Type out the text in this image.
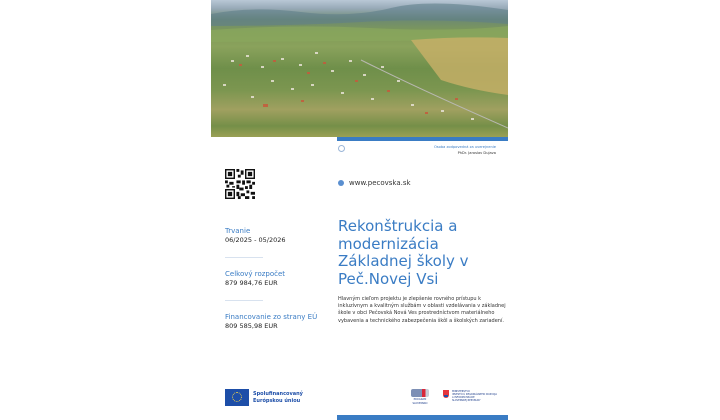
Osoba zodpovedná za uverejnenie
PhDr. Jaroslav Dujava
www.pecovska.sk
Trvanie
06/2025 - 05/2026
Celkový rozpočet
879 984,76 EUR
Financovanie zo strany EÚ
809 585,98 EUR
Rekonštrukcia a modernizácia Základnej školy v Peč.Novej Vsi
Hlavným cieľom projektu je zlepšenie rovného prístupu k inkluzívnym a kvalitným službám v oblasti vzdelávania v základnej škole v obci Pečovská Nová Ves prostredníctvom materiálneho vybavenia a technického zabezpečenia škôl a školských zariadení.
Spolufinancovaný
Európskou úniou	PROGRAM SLOVENSKO
MINISTERSTVO
INVESTÍCIÍ, REGIONÁLNEHO ROZVOJA
A INFORMATIZÁCIE
SLOVENSKEJ REPUBLIKY
